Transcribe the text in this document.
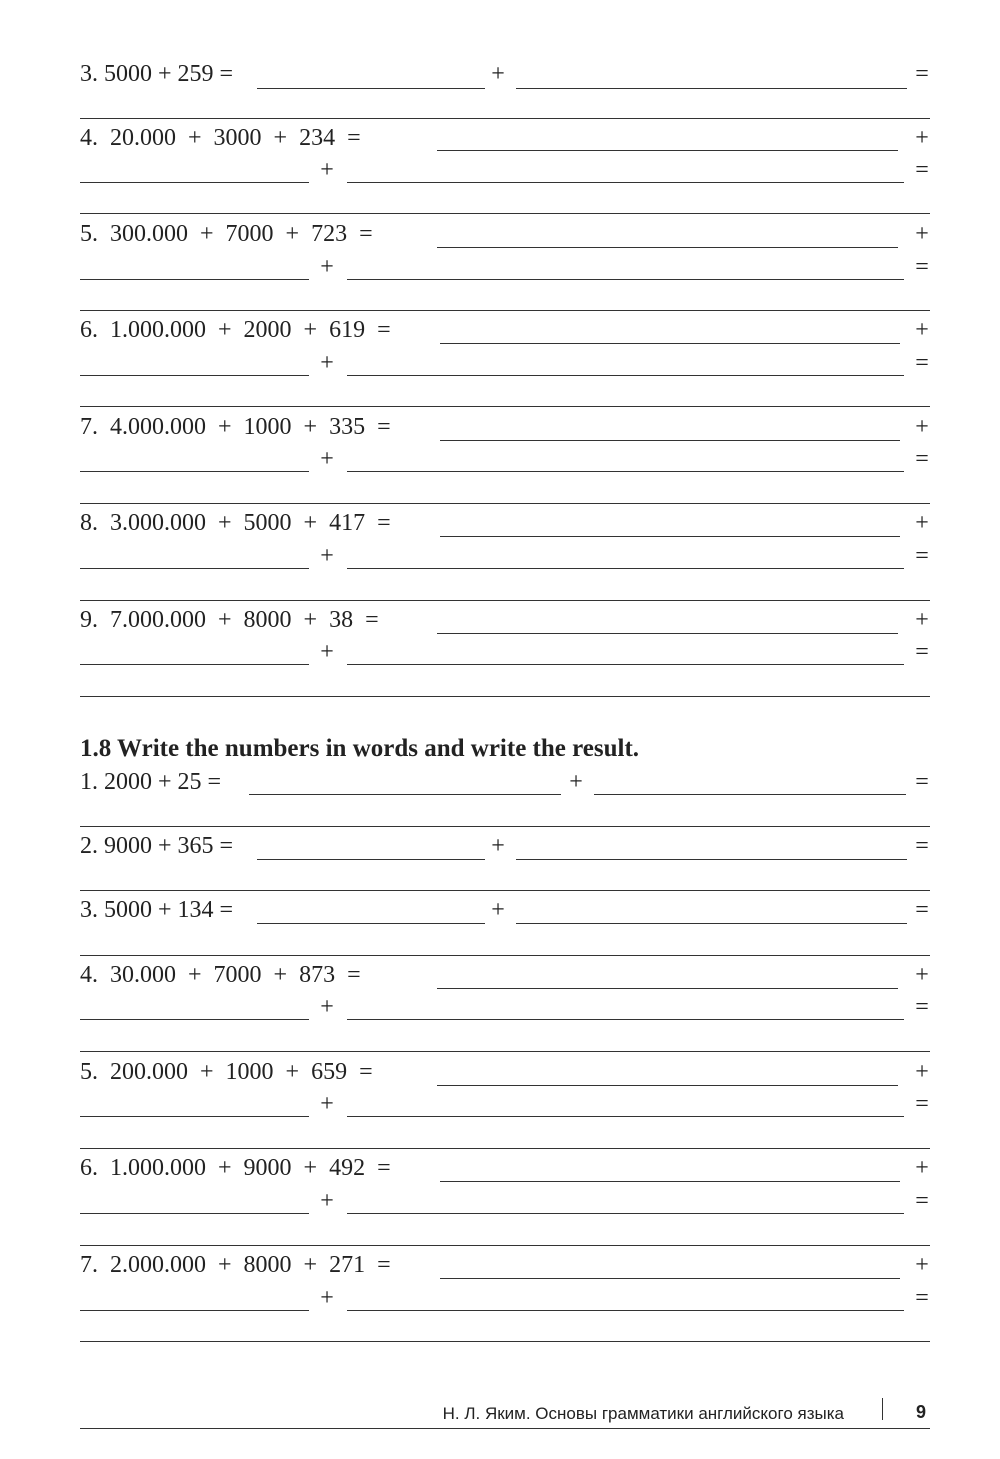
3. 5000 + 259 =	+	=
4.  20.000  +  3000  +  234  =	+
+	=
5.  300.000  +  7000  +  723  =	+
+	=
6.  1.000.000  +  2000  +  619  =	+
+	=
7.  4.000.000  +  1000  +  335  =	+
+	=
8.  3.000.000  +  5000  +  417  =	+
+	=
9.  7.000.000  +  8000  +  38  =	+
+	=
1.8 Write the numbers in words and write the result.
1. 2000 + 25 =	+	=
2. 9000 + 365 =	+	=
3. 5000 + 134 =	+	=
4.  30.000  +  7000  +  873  =	+
+	=
5.  200.000  +  1000  +  659  =	+
+	=
6.  1.000.000  +  9000  +  492  =	+
+	=
7.  2.000.000  +  8000  +  271  =	+
+	=
Н. Л. Яким. Основы грамматики английского языка	9
